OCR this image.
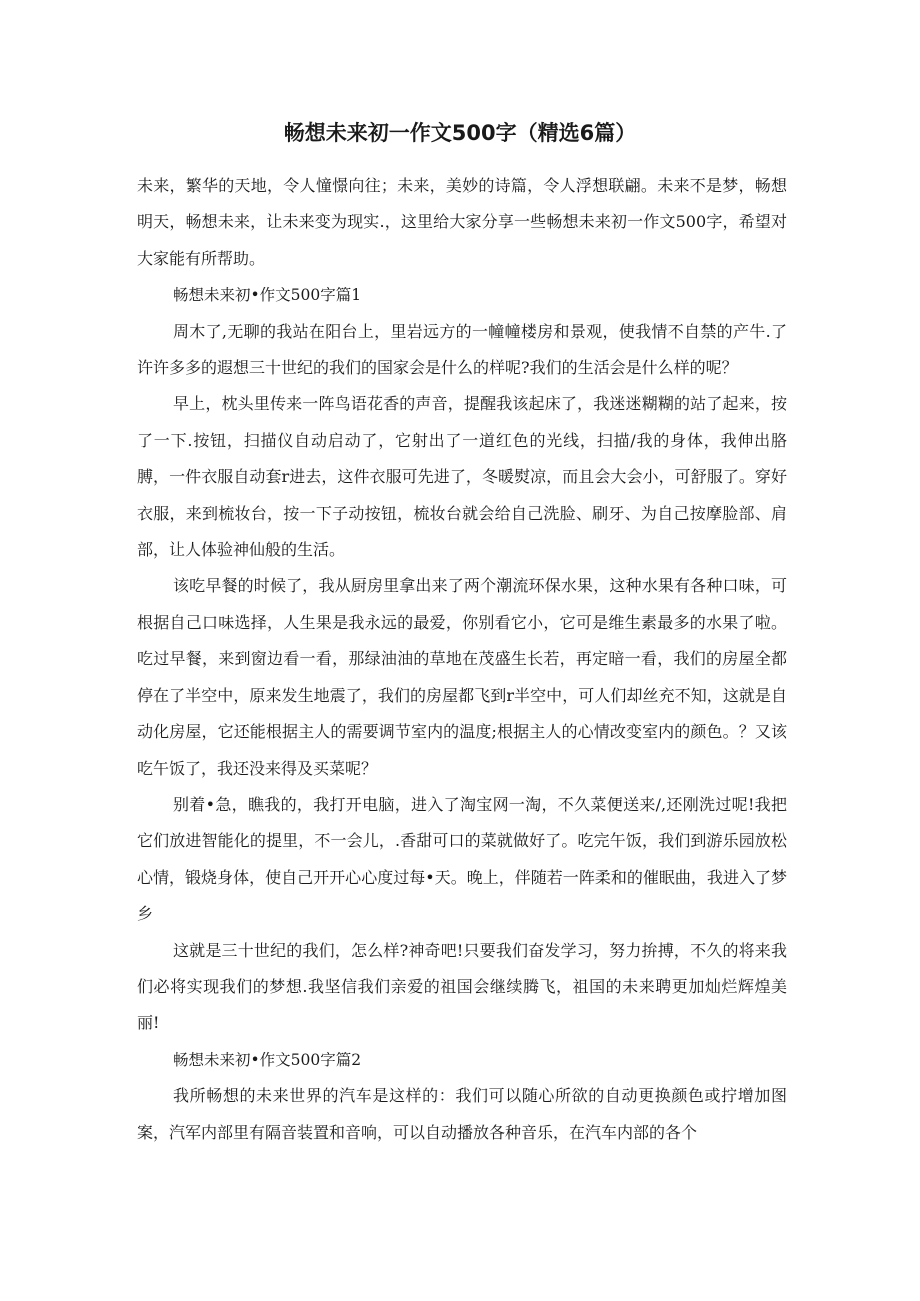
畅想未来初一作文500字（精选6篇）

未来，繁华的天地，令人憧憬向往；未来，美妙的诗篇，令人浮想联翩。未来不是梦，畅想明天，畅想未来，让未来变为现实.，这里给大家分享一些畅想未来初一作文500字，希望对大家能有所帮助。

畅想未来初•作文500字篇1

周木了,无聊的我站在阳台上，里岩远方的一幢幢楼房和景观，使我情不自禁的产牛.了许许多多的遐想三十世纪的我们的国家会是什么的样呢?我们的生活会是什么样的呢？

早上，枕头里传来一阵鸟语花香的声音，提醒我该起床了，我迷迷糊糊的站了起来，按了一下.按钮，扫描仪自动启动了，它射出了一道红色的光线，扫描/我的身体，我伸出胳膊，一件衣服自动套r进去，这件衣服可先进了，冬暖熨凉，而且会大会小，可舒服了。穿好衣服，来到梳妆台，按一下子动按钮，梳妆台就会给自己洗脸、刷牙、为自己按摩脸部、肩部，让人体验神仙般的生活。

该吃早餐的时候了，我从厨房里拿出来了两个潮流环保水果，这种水果有各种口味，可根据自己口味选择，人生果是我永远的最爱，你别看它小，它可是维生素最多的水果了啦。吃过早餐，来到窗边看一看，那绿油油的草地在茂盛生长若，再定暗一看，我们的房屋全都停在了半空中，原来发生地震了，我们的房屋都飞到r半空中，可人们却丝充不知，这就是自动化房屋，它还能根据主人的需要调节室内的温度;根据主人的心情改变室内的颜色。？又该吃午饭了，我还没来得及买菜呢？

别着•急，瞧我的，我打开电脑，进入了淘宝网一淘，不久菜便送来/,还刚洗过呢!我把它们放进智能化的提里，不一会儿，.香甜可口的菜就做好了。吃完午饭，我们到游乐园放松心情，锻烧身体，使自己开开心心度过每•天。晚上，伴随若一阵柔和的催眠曲，我进入了梦乡

这就是三十世纪的我们，怎么样?神奇吧!只要我们奋发学习，努力拚搏，不久的将来我们必将实现我们的梦想.我坚信我们亲爱的祖国会继续腾飞，祖国的未来聘更加灿烂辉煌美丽!

畅想未来初•作文500字篇2

我所畅想的未来世界的汽车是这样的：我们可以随心所欲的自动更换颜色或拧增加图案，汽军内部里有隔音装置和音响，可以自动播放各种音乐，在汽车内部的各个
